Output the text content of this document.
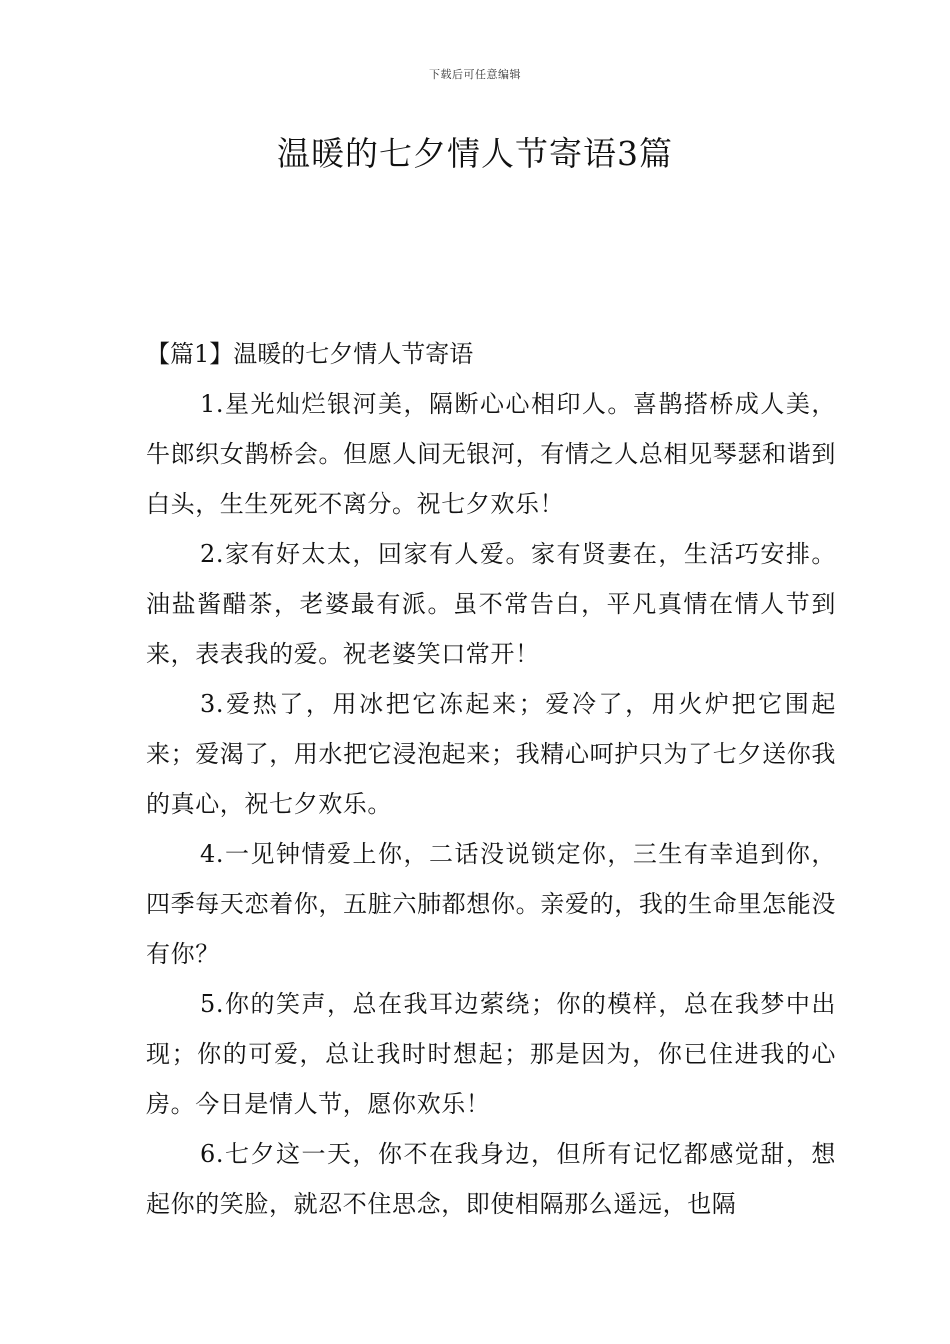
下载后可任意编辑
温暖的七夕情人节寄语3篇

【篇1】温暖的七夕情人节寄语

1.星光灿烂银河美，隔断心心相印人。喜鹊搭桥成人美，牛郎织女鹊桥会。但愿人间无银河，有情之人总相见琴瑟和谐到白头，生生死死不离分。祝七夕欢乐！

2.家有好太太，回家有人爱。家有贤妻在，生活巧安排。油盐酱醋茶，老婆最有派。虽不常告白，平凡真情在情人节到来，表表我的爱。祝老婆笑口常开！

3.爱热了，用冰把它冻起来；爱冷了，用火炉把它围起来；爱渴了，用水把它浸泡起来；我精心呵护只为了七夕送你我的真心，祝七夕欢乐。

4.一见钟情爱上你，二话没说锁定你，三生有幸追到你，四季每天恋着你，五脏六肺都想你。亲爱的，我的生命里怎能没有你？

5.你的笑声，总在我耳边萦绕；你的模样，总在我梦中出现；你的可爱，总让我时时想起；那是因为，你已住进我的心房。今日是情人节，愿你欢乐！

6.七夕这一天，你不在我身边，但所有记忆都感觉甜，想起你的笑脸，就忍不住思念，即使相隔那么遥远，也隔
